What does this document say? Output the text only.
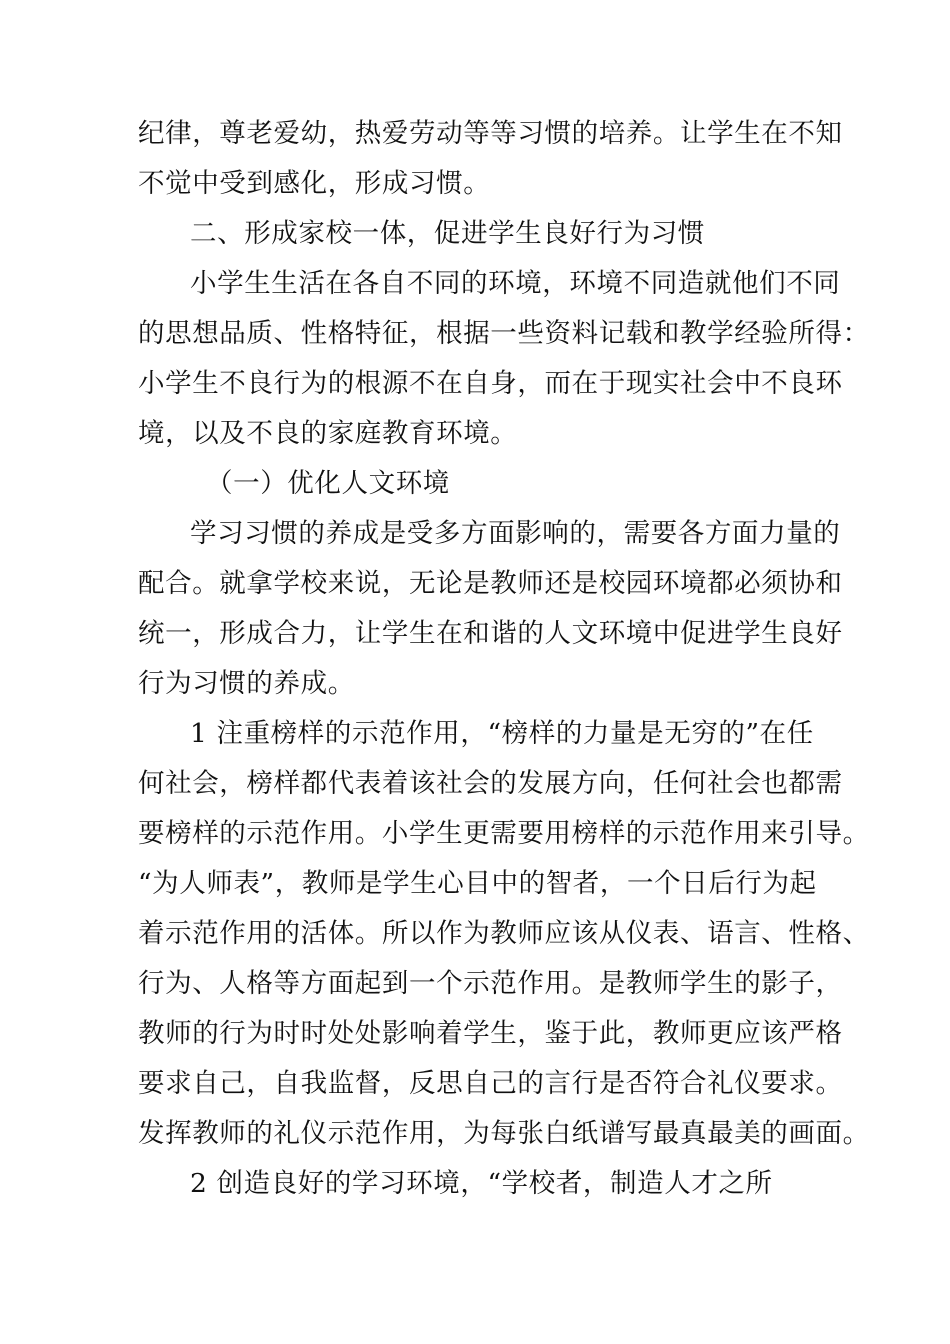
纪律，尊老爱幼，热爱劳动等等习惯的培养。让学生在不知
不觉中受到感化，形成习惯。
二、形成家校一体，促进学生良好行为习惯
小学生生活在各自不同的环境，环境不同造就他们不同
的思想品质、性格特征，根据一些资料记载和教学经验所得：
小学生不良行为的根源不在自身，而在于现实社会中不良环
境，以及不良的家庭教育环境。
（一）优化人文环境
学习习惯的养成是受多方面影响的，需要各方面力量的
配合。就拿学校来说，无论是教师还是校园环境都必须协和
统一，形成合力，让学生在和谐的人文环境中促进学生良好
行为习惯的养成。
1 注重榜样的示范作用，“榜样的力量是无穷的”在任
何社会，榜样都代表着该社会的发展方向，任何社会也都需
要榜样的示范作用。小学生更需要用榜样的示范作用来引导。
“为人师表”，教师是学生心目中的智者，一个日后行为起
着示范作用的活体。所以作为教师应该从仪表、语言、性格、
行为、人格等方面起到一个示范作用。是教师学生的影子，
教师的行为时时处处影响着学生，鉴于此，教师更应该严格
要求自己，自我监督，反思自己的言行是否符合礼仪要求。
发挥教师的礼仪示范作用，为每张白纸谱写最真最美的画面。
2 创造良好的学习环境，“学校者，制造人才之所
